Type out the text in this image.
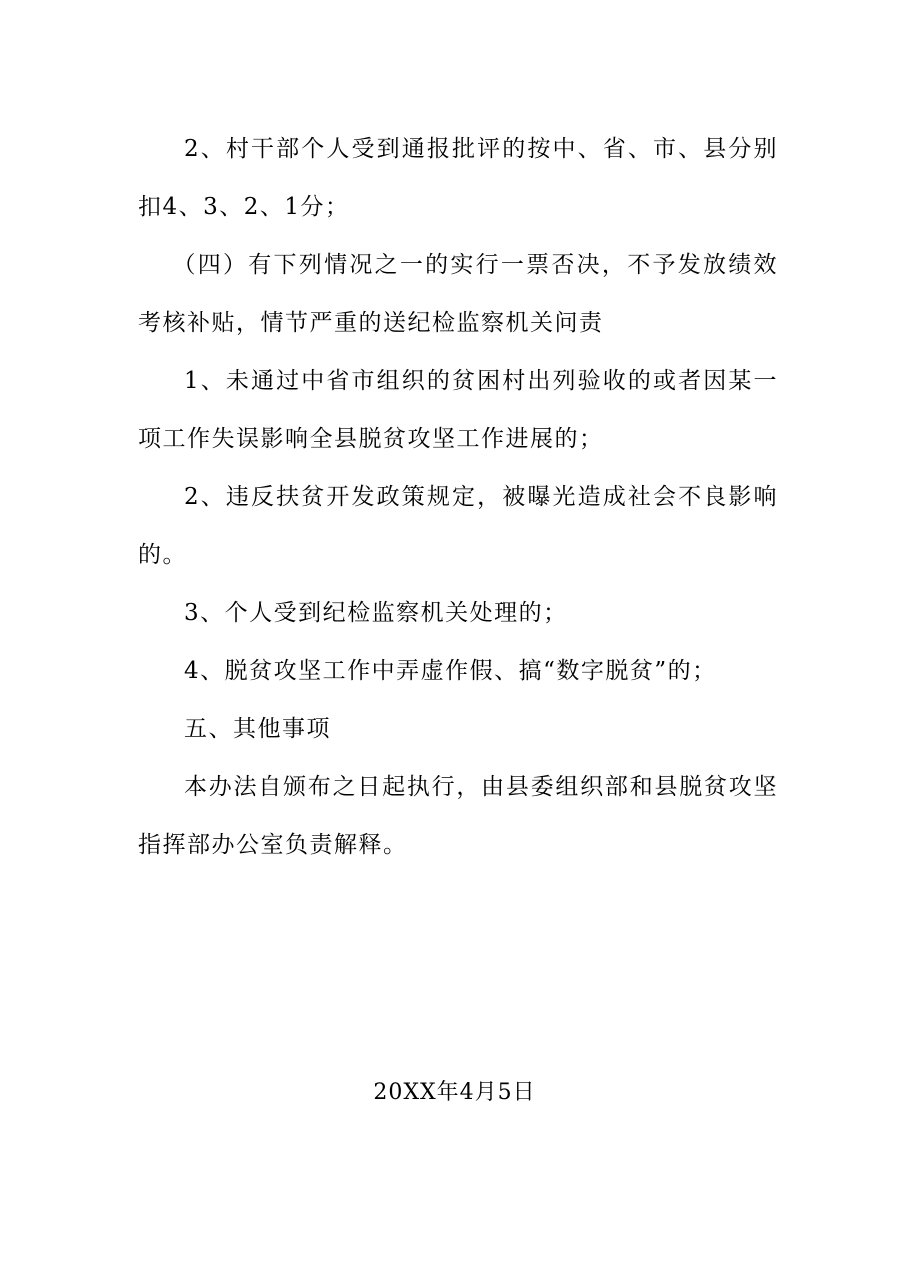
2、村干部个人受到通报批评的按中、省、市、县分别扣4、3、2、1分；

（四）有下列情况之一的实行一票否决，不予发放绩效考核补贴，情节严重的送纪检监察机关问责

1、未通过中省市组织的贫困村出列验收的或者因某一项工作失误影响全县脱贫攻坚工作进展的；

2、违反扶贫开发政策规定，被曝光造成社会不良影响的。

3、个人受到纪检监察机关处理的；

4、脱贫攻坚工作中弄虚作假、搞“数字脱贫”的；

五、其他事项

本办法自颁布之日起执行，由县委组织部和县脱贫攻坚指挥部办公室负责解释。

20XX年4月5日
